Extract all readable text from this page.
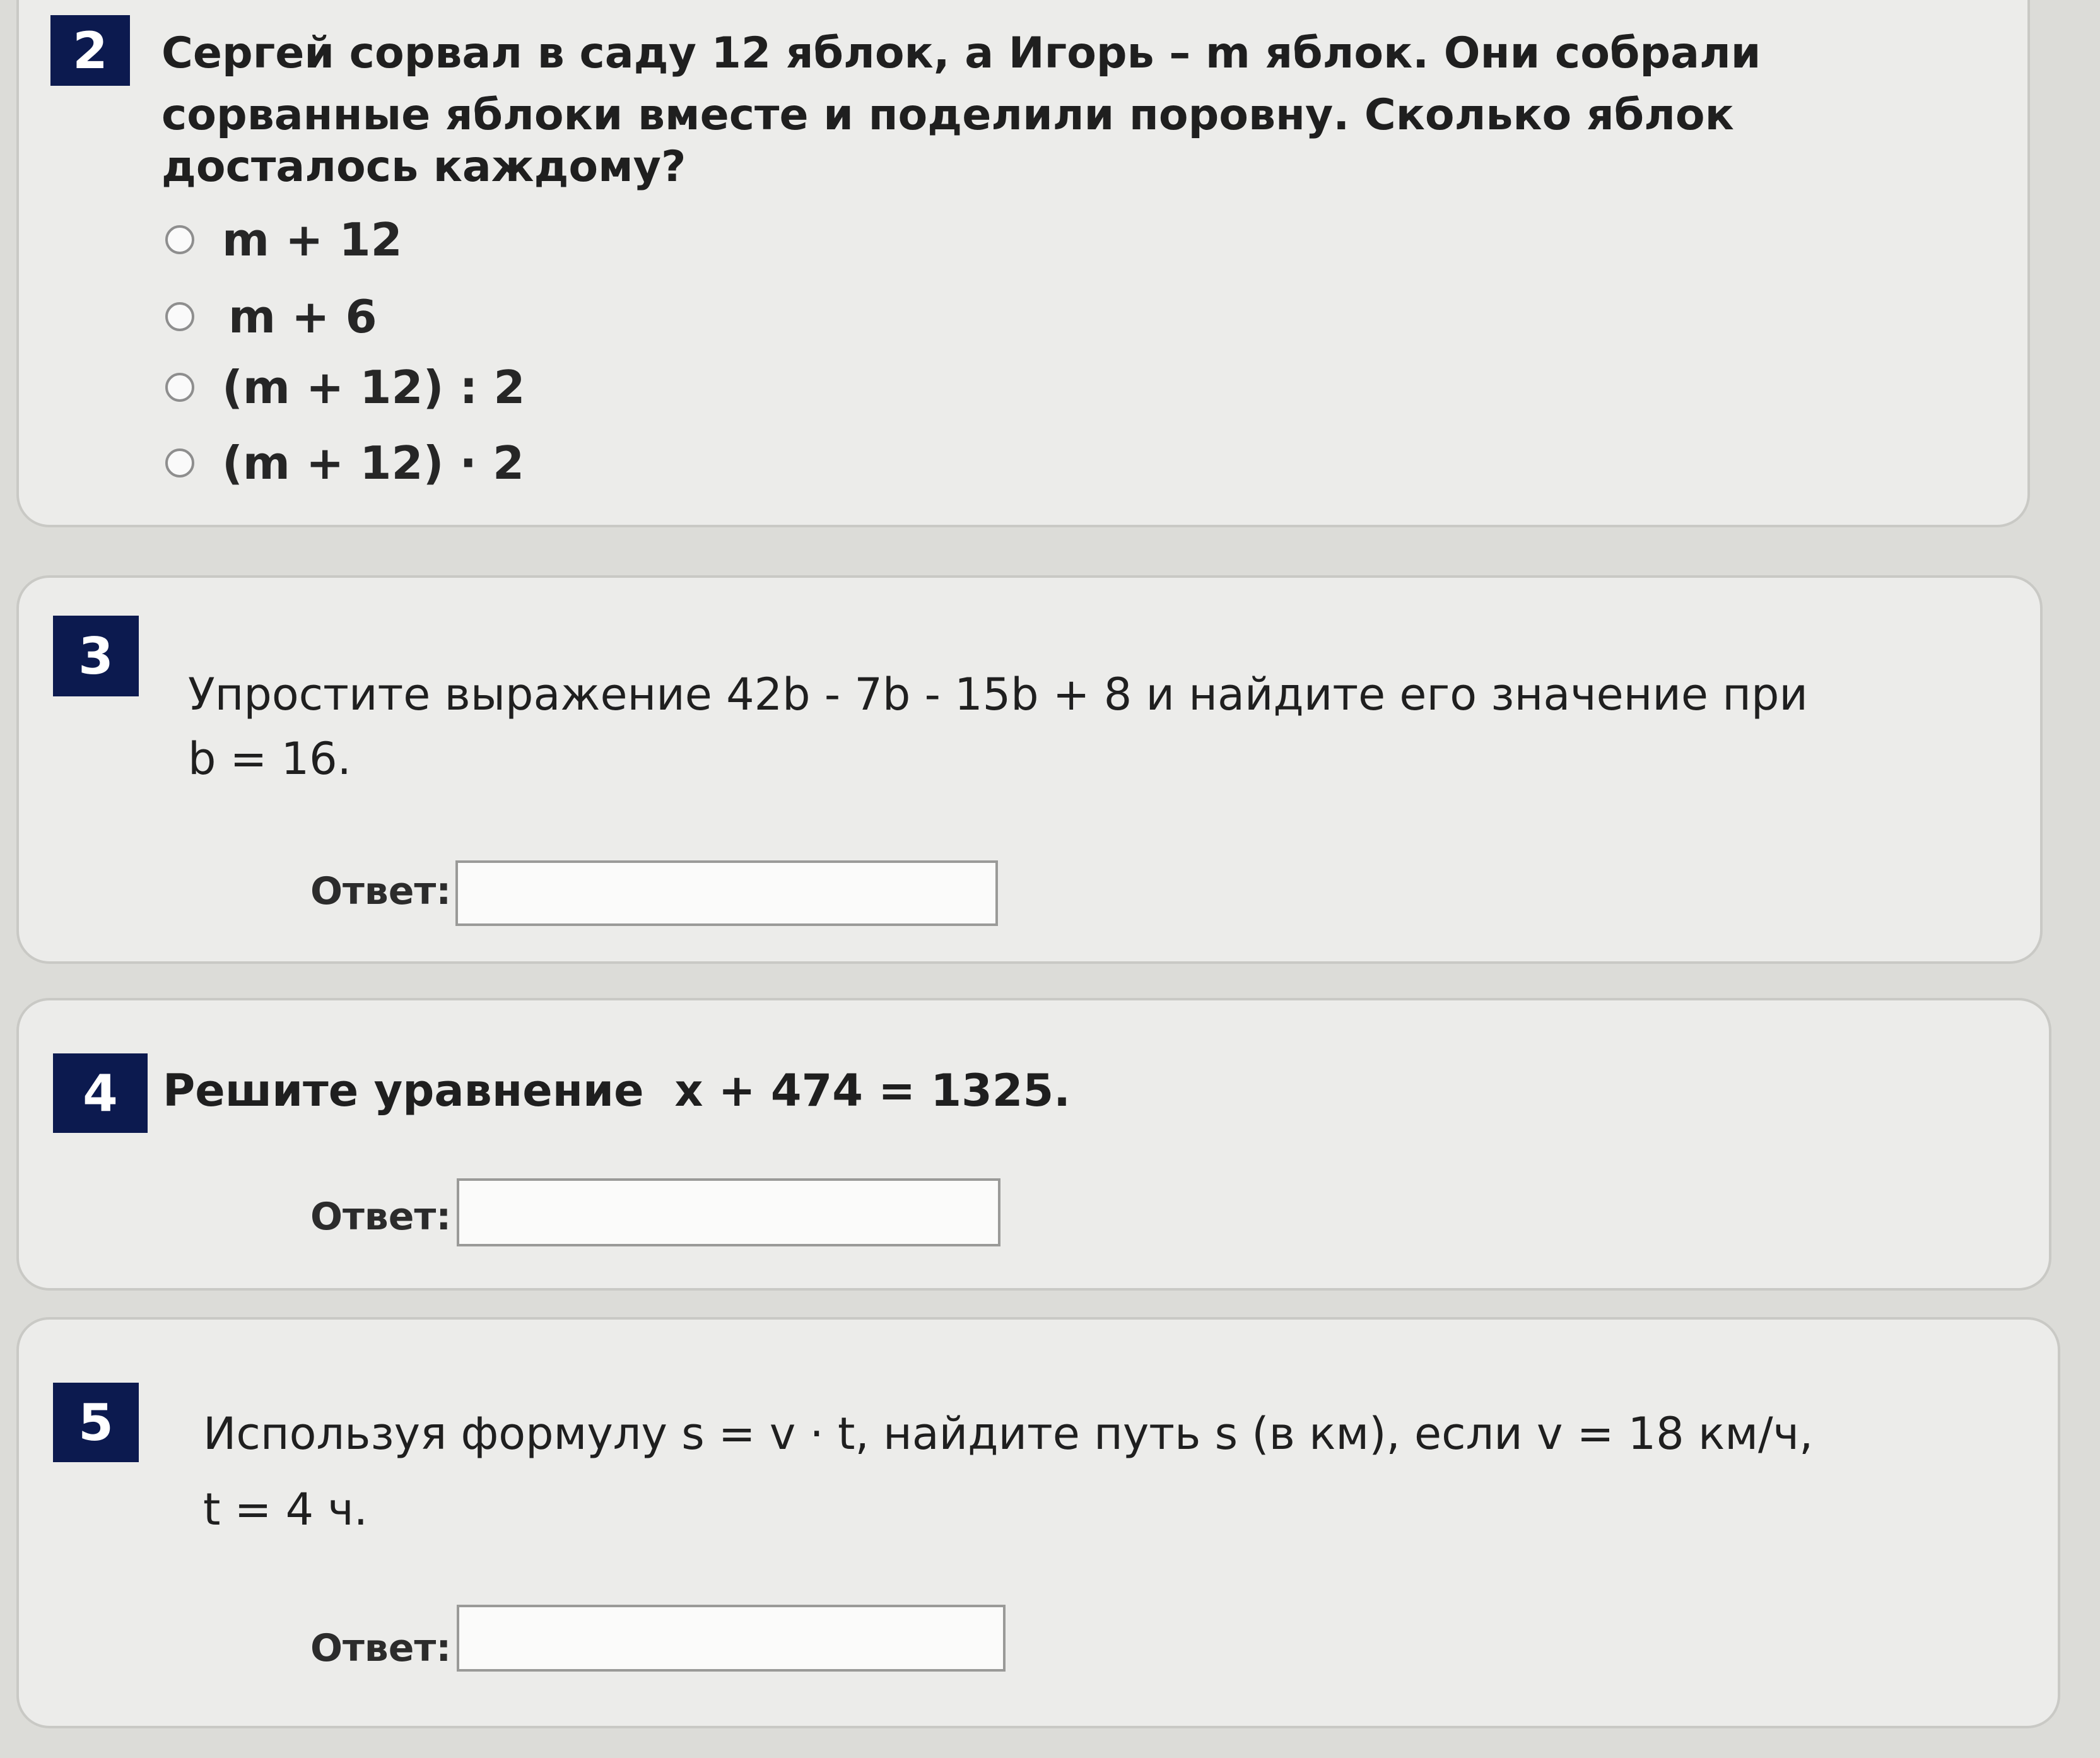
2	Сергей сорвал в саду 12 яблок, а Игорь – m яблок. Они собрали
сорванные яблоки вместе и поделили поровну. Сколько яблок
досталось каждому?
m + 12
m + 6
(m + 12) : 2
(m + 12) · 2
3
Упростите выражение 42b - 7b - 15b + 8 и найдите его значение при
b = 16.
Ответ:
4	Решите уравнение  x + 474 = 1325.
Ответ:
5	Используя формулу s = v · t, найдите путь s (в км), если v = 18 км/ч,
t = 4 ч.
Ответ:
